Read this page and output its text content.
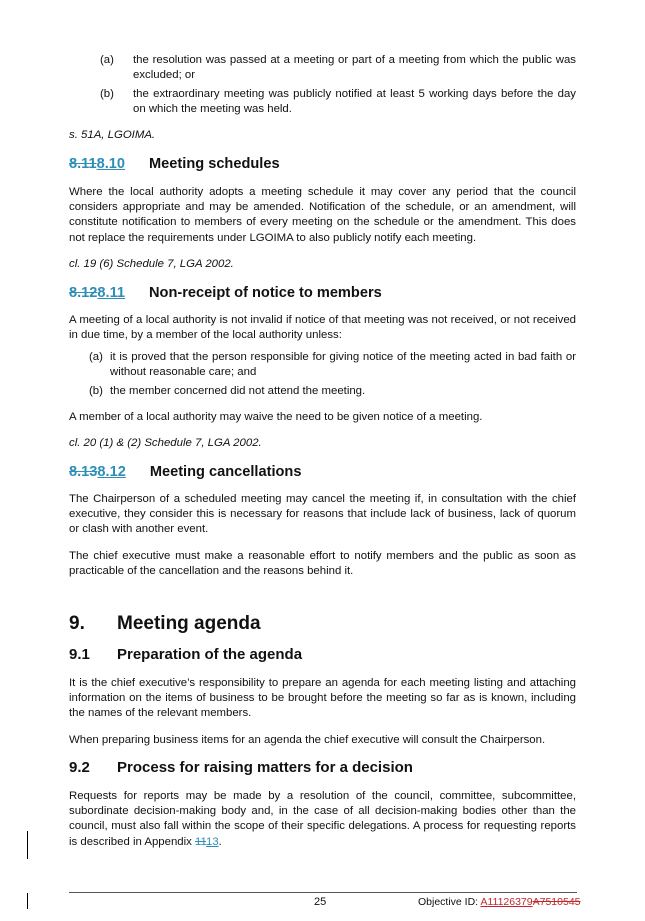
(a)	the resolution was passed at a meeting or part of a meeting from which the public was excluded; or
(b)	the extraordinary meeting was publicly notified at least 5 working days before the day on which the meeting was held.

s. 51A, LGOIMA.

8.118.10 Meeting schedules

Where the local authority adopts a meeting schedule it may cover any period that the council considers appropriate and may be amended. Notification of the schedule, or an amendment, will constitute notification to members of every meeting on the schedule or the amendment. This does not replace the requirements under LGOIMA to also publicly notify each meeting.

cl. 19 (6) Schedule 7, LGA 2002.

8.128.11 Non-receipt of notice to members

A meeting of a local authority is not invalid if notice of that meeting was not received, or not received in due time, by a member of the local authority unless:

(a) it is proved that the person responsible for giving notice of the meeting acted in bad faith or without reasonable care; and
(b) the member concerned did not attend the meeting.

A member of a local authority may waive the need to be given notice of a meeting.

cl. 20 (1) & (2) Schedule 7, LGA 2002.

8.138.12 Meeting cancellations

The Chairperson of a scheduled meeting may cancel the meeting if, in consultation with the chief executive, they consider this is necessary for reasons that include lack of business, lack of quorum or clash with another event.

The chief executive must make a reasonable effort to notify members and the public as soon as practicable of the cancellation and the reasons behind it.

9. Meeting agenda
9.1 Preparation of the agenda

It is the chief executive’s responsibility to prepare an agenda for each meeting listing and attaching information on the items of business to be brought before the meeting so far as is known, including the names of the relevant members.

When preparing business items for an agenda the chief executive will consult the Chairperson.

9.2 Process for raising matters for a decision

Requests for reports may be made by a resolution of the council, committee, subcommittee, subordinate decision-making body and, in the case of all decision-making bodies other than the council, must also fall within the scope of their specific delegations. A process for requesting reports is described in Appendix 1113.

25	Objective ID: A11126379A7510545
